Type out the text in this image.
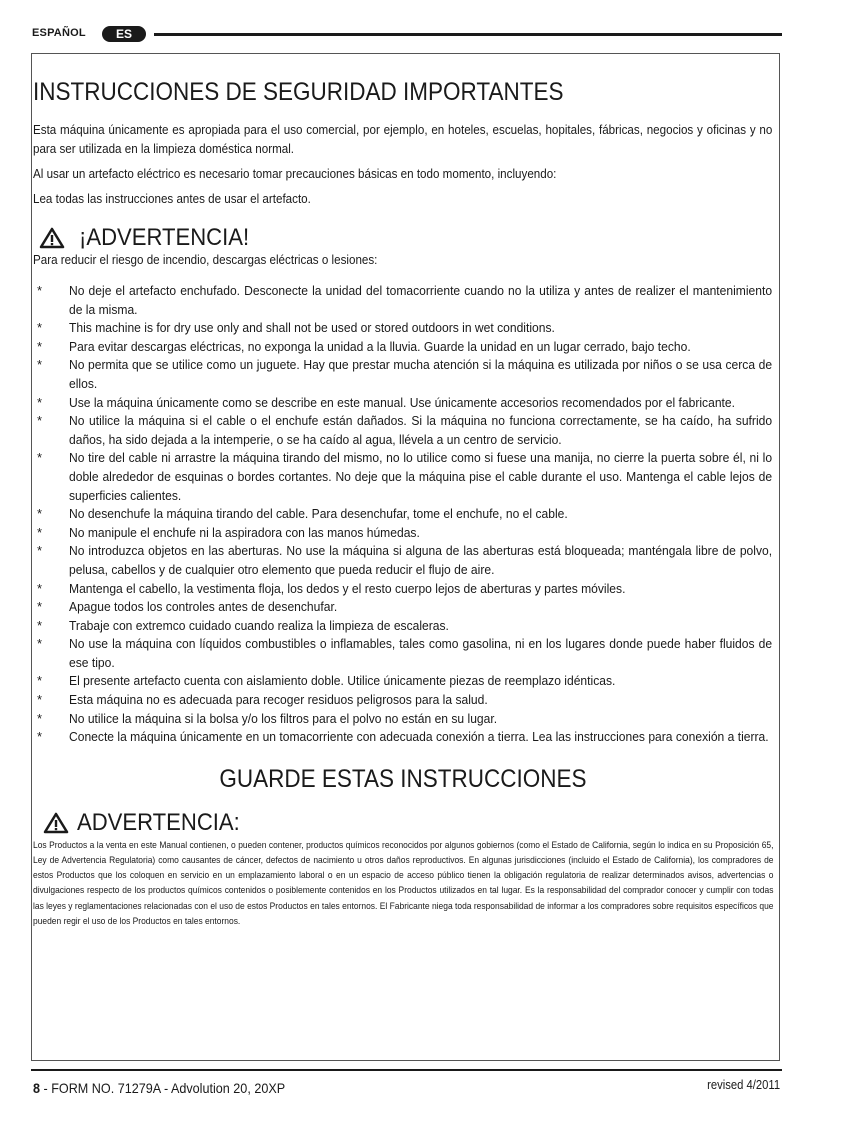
ESPAÑOL	ES
INSTRUCCIONES DE SEGURIDAD IMPORTANTES

Esta máquina únicamente es apropiada para el uso comercial, por ejemplo, en hoteles, escuelas, hopitales, fábricas, negocios y oficinas y no para ser utilizada en la limpieza doméstica normal.

Al usar un artefacto eléctrico es necesario tomar precauciones básicas en todo momento, incluyendo:

Lea todas las instrucciones antes de usar el artefacto.

¡ADVERTENCIA!

Para reducir el riesgo de incendio, descargas eléctricas o lesiones:

* No deje el artefacto enchufado. Desconecte la unidad del tomacorriente cuando no la utiliza y antes de realizer el mantenimiento de la misma.
* This machine is for dry use only and shall not be used or stored outdoors in wet conditions.
* Para evitar descargas eléctricas, no exponga la unidad a la lluvia. Guarde la unidad en un lugar cerrado, bajo techo.
* No permita que se utilice como un juguete. Hay que prestar mucha atención si la máquina es utilizada por niños o se usa cerca de ellos.
* Use la máquina únicamente como se describe en este manual. Use únicamente accesorios recomendados por el fabricante.
* No utilice la máquina si el cable o el enchufe están dañados. Si la máquina no funciona correctamente, se ha caído, ha sufrido daños, ha sido dejada a la intemperie, o se ha caído al agua, llévela a un centro de servicio.
* No tire del cable ni arrastre la máquina tirando del mismo, no lo utilice como si fuese una manija, no cierre la puerta sobre él, ni lo doble alrededor de esquinas o bordes cortantes. No deje que la máquina pise el cable durante el uso. Mantenga el cable lejos de superficies calientes.
* No desenchufe la máquina tirando del cable. Para desenchufar, tome el enchufe, no el cable.
* No manipule el enchufe ni la aspiradora con las manos húmedas.
* No introduzca objetos en las aberturas. No use la máquina si alguna de las aberturas está bloqueada; manténgala libre de polvo, pelusa, cabellos y de cualquier otro elemento que pueda reducir el flujo de aire.
* Mantenga el cabello, la vestimenta floja, los dedos y el resto cuerpo lejos de aberturas y partes móviles.
* Apague todos los controles antes de desenchufar.
* Trabaje con extremco cuidado cuando realiza la limpieza de escaleras.
* No use la máquina con líquidos combustibles o inflamables, tales como gasolina, ni en los lugares donde puede haber fluidos de ese tipo.
* El presente artefacto cuenta con aislamiento doble. Utilice únicamente piezas de reemplazo idénticas.
* Esta máquina no es adecuada para recoger residuos peligrosos para la salud.
* No utilice la máquina si la bolsa y/o los filtros para el polvo no están en su lugar.
* Conecte la máquina únicamente en un tomacorriente con adecuada conexión a tierra. Lea las instrucciones para conexión a tierra.
GUARDE ESTAS INSTRUCCIONES
ADVERTENCIA:

Los Productos a la venta en este Manual contienen, o pueden contener, productos químicos reconocidos por algunos gobiernos (como el Estado de California, según lo indica en su Proposición 65, Ley de Advertencia Regulatoria) como causantes de cáncer, defectos de nacimiento u otros daños reproductivos. En algunas jurisdicciones (incluido el Estado de California), los compradores de estos Productos que los coloquen en servicio en un emplazamiento laboral o en un espacio de acceso público tienen la obligación regulatoria de realizar determinados avisos, advertencias o divulgaciones respecto de los productos químicos contenidos o posiblemente contenidos en los Productos utilizados en tal lugar. Es la responsabilidad del comprador conocer y cumplir con todas las leyes y reglamentaciones relacionadas con el uso de estos Productos en tales entornos. El Fabricante niega toda responsabilidad de informar a los compradores sobre requisitos específicos que pueden regir el uso de los Productos en tales entornos.

8 - FORM NO. 71279A - Advolution 20, 20XP	revised 4/2011
